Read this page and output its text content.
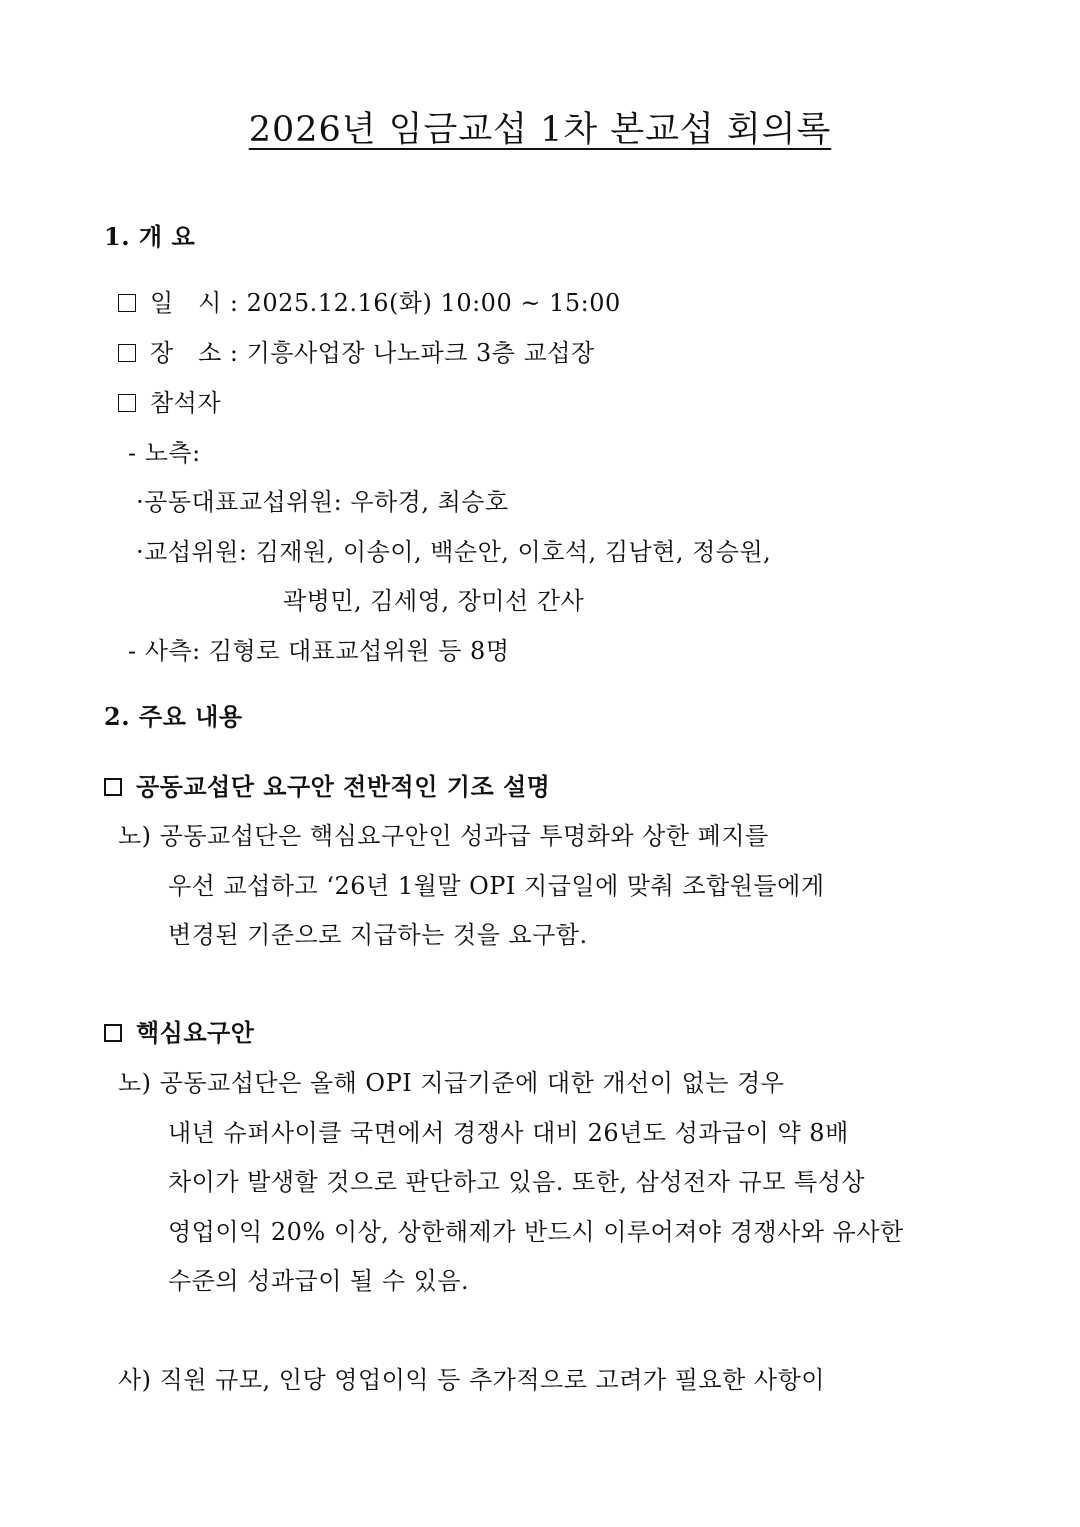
2026년 임금교섭 1차 본교섭 회의록
1. 개 요
일   시 : 2025.12.16(화) 10:00 ~ 15:00
장   소 : 기흥사업장 나노파크 3층 교섭장
참석자
- 노측:
·공동대표교섭위원: 우하경, 최승호
·교섭위원: 김재원, 이송이, 백순안, 이호석, 김남현, 정승원,
곽병민, 김세영, 장미선 간사
- 사측: 김형로 대표교섭위원 등 8명
2. 주요 내용
공동교섭단 요구안 전반적인 기조 설명
노) 공동교섭단은 핵심요구안인 성과급 투명화와 상한 폐지를
우선 교섭하고 ‘26년 1월말 OPI 지급일에 맞춰 조합원들에게
변경된 기준으로 지급하는 것을 요구함.
핵심요구안
노) 공동교섭단은 올해 OPI 지급기준에 대한 개선이 없는 경우
내년 슈퍼사이클 국면에서 경쟁사 대비 26년도 성과급이 약 8배
차이가 발생할 것으로 판단하고 있음. 또한, 삼성전자 규모 특성상
영업이익 20% 이상, 상한해제가 반드시 이루어져야 경쟁사와 유사한
수준의 성과급이 될 수 있음.
사) 직원 규모, 인당 영업이익 등 추가적으로 고려가 필요한 사항이
